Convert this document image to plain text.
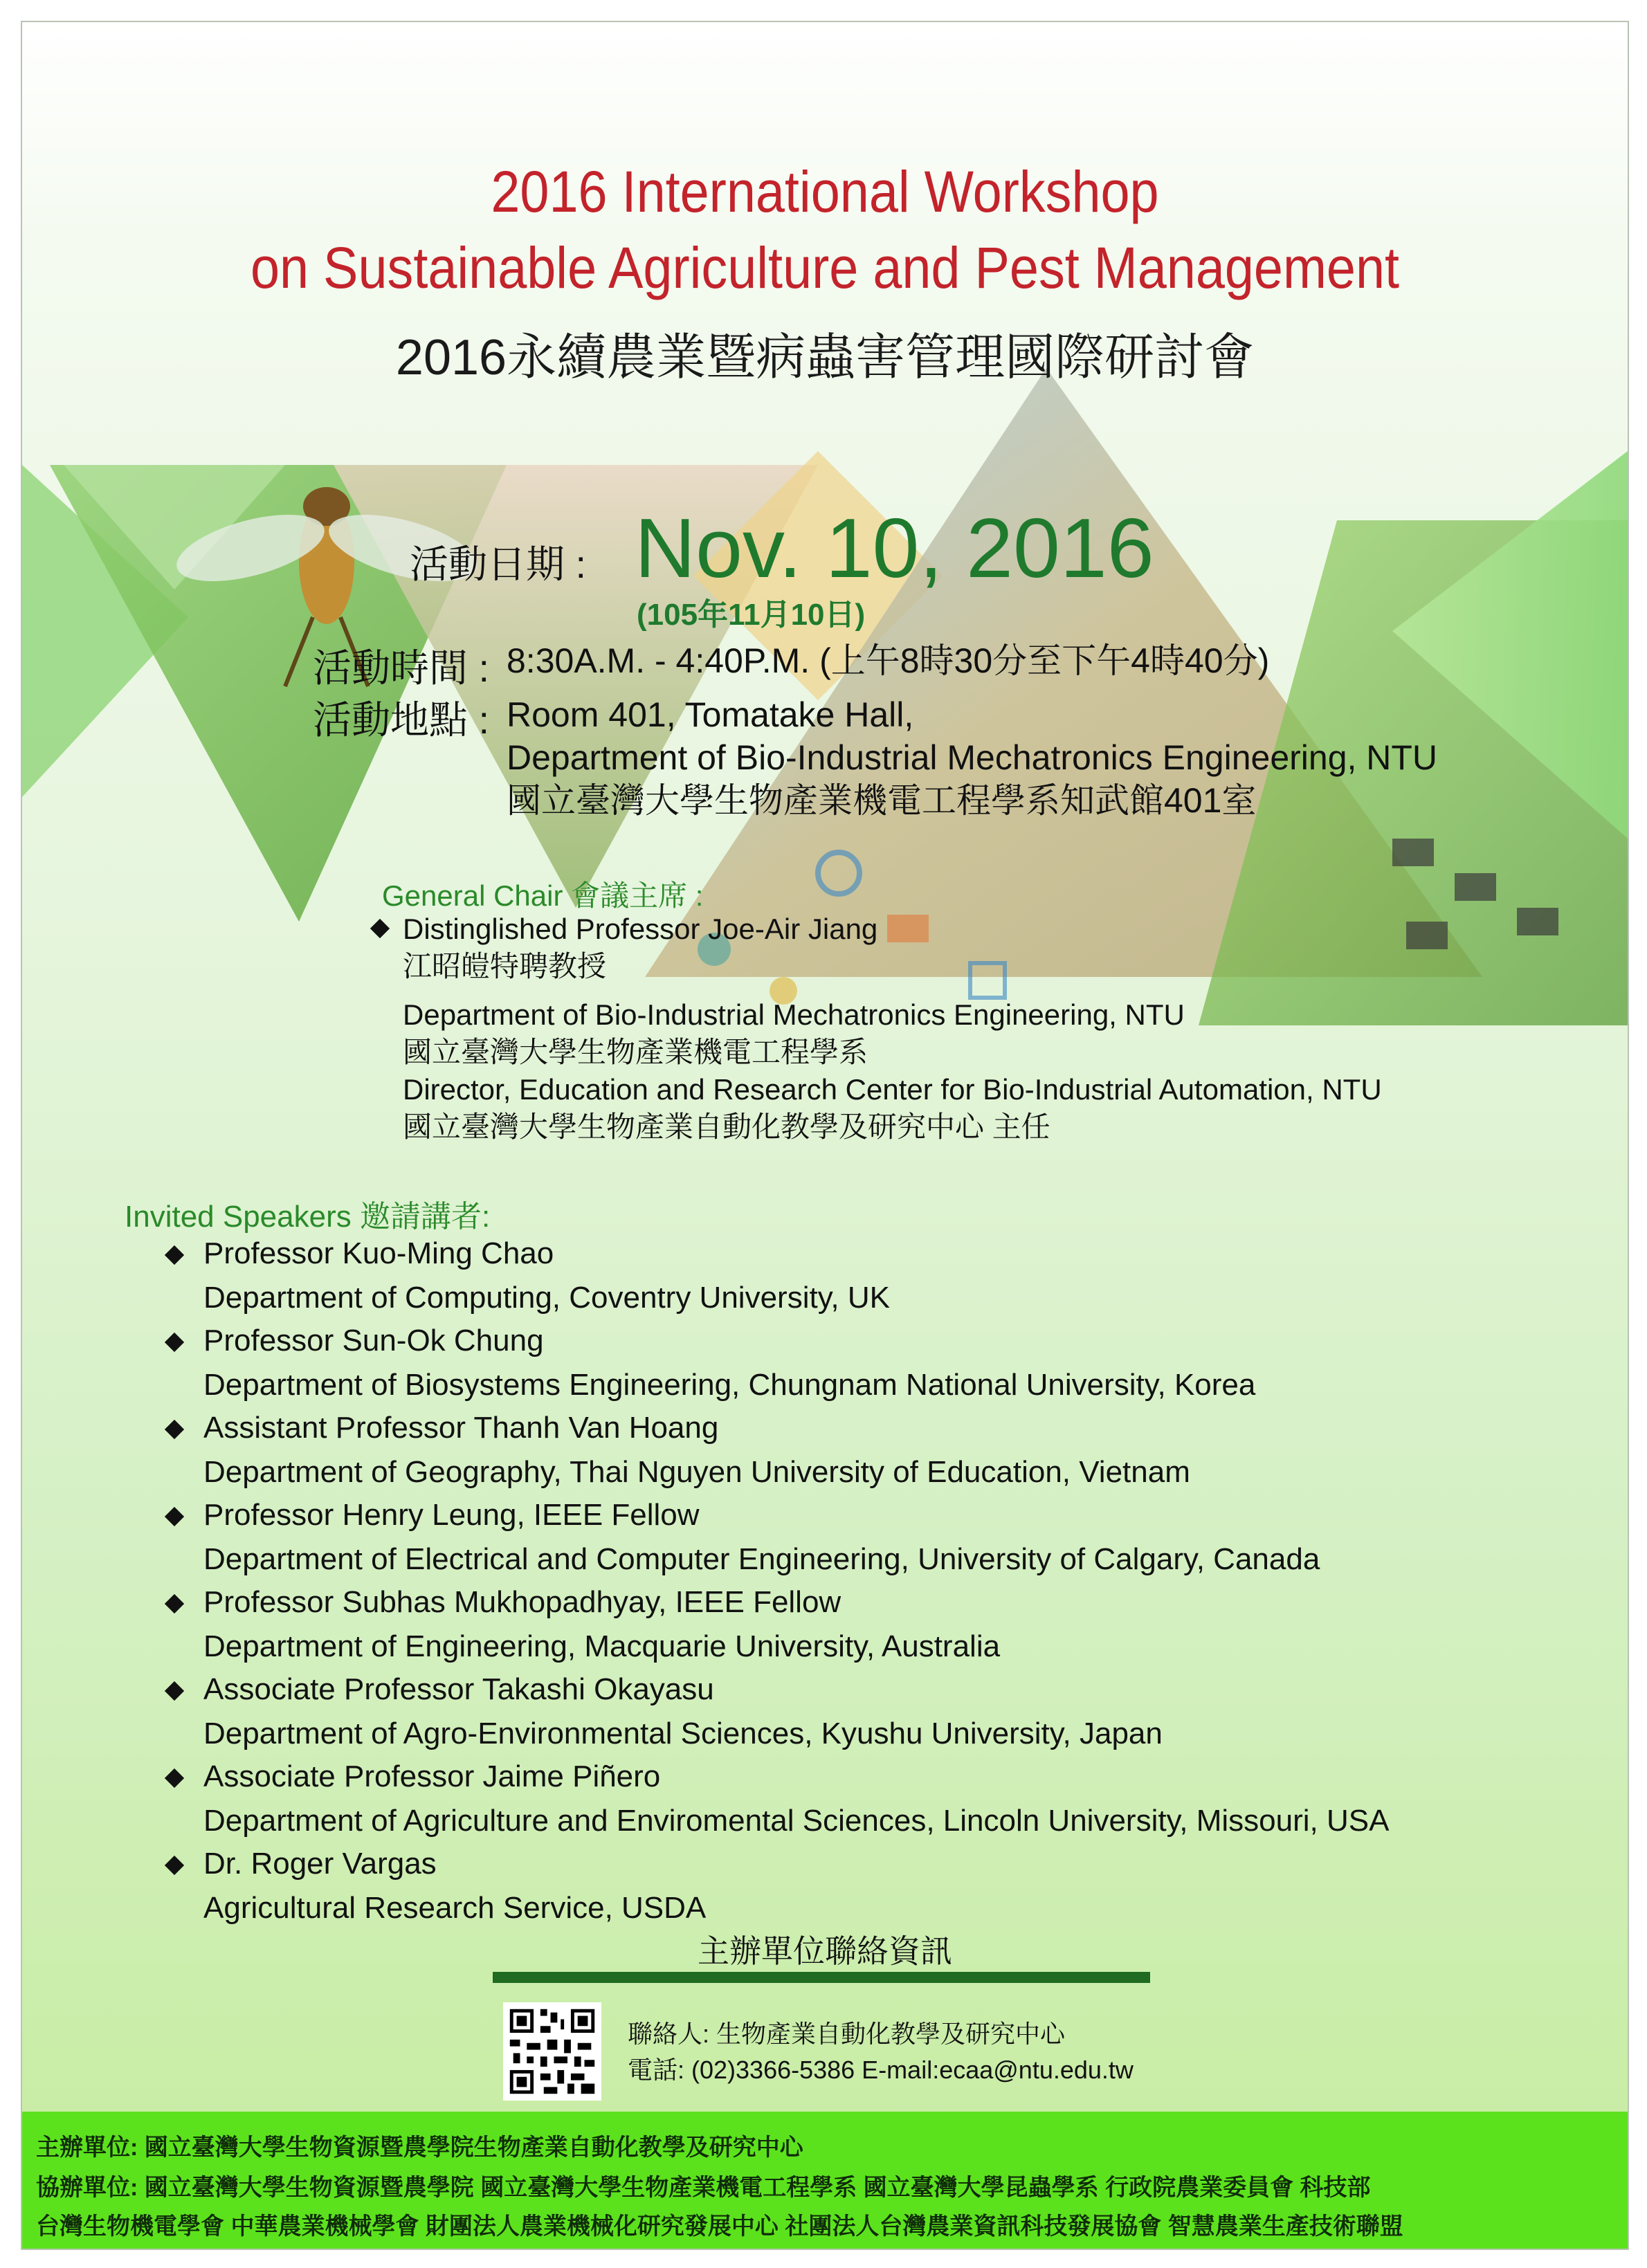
2016 International Workshop
on Sustainable Agriculture and Pest Management
2016永續農業暨病蟲害管理國際研討會
活動日期 : Nov. 10, 2016
(105年11月10日)
活動時間 : 8:30A.M. - 4:40P.M. (上午8時30分至下午4時40分)
活動地點 : Room 401, Tomatake Hall,
Department of Bio-Industrial Mechatronics Engineering, NTU
國立臺灣大學生物產業機電工程學系知武館401室
General Chair 會議主席 :
Distinglished Professor Joe-Air Jiang
江昭皚特聘教授
Department of Bio-Industrial Mechatronics Engineering, NTU
國立臺灣大學生物產業機電工程學系
Director, Education and Research Center for Bio-Industrial Automation, NTU
國立臺灣大學生物產業自動化教學及研究中心 主任
Invited Speakers 邀請講者:
Professor Kuo-Ming Chao
Department of Computing, Coventry University, UK
Professor Sun-Ok Chung
Department of Biosystems Engineering, Chungnam National University, Korea
Assistant Professor Thanh Van Hoang
Department of Geography, Thai Nguyen University of Education, Vietnam
Professor Henry Leung, IEEE Fellow
Department of Electrical and Computer Engineering, University of Calgary, Canada
Professor Subhas Mukhopadhyay, IEEE Fellow
Department of Engineering, Macquarie University, Australia
Associate Professor Takashi Okayasu
Department of Agro-Environmental Sciences, Kyushu University, Japan
Associate Professor Jaime Piñero
Department of Agriculture and Enviromental Sciences, Lincoln University, Missouri, USA
Dr. Roger Vargas
Agricultural Research Service, USDA
主辦單位聯絡資訊
聯絡人: 生物產業自動化教學及研究中心
電話: (02)3366-5386 E-mail:ecaa@ntu.edu.tw
主辦單位: 國立臺灣大學生物資源暨農學院生物產業自動化教學及研究中心
協辦單位: 國立臺灣大學生物資源暨農學院 國立臺灣大學生物產業機電工程學系 國立臺灣大學昆蟲學系 行政院農業委員會 科技部
台灣生物機電學會 中華農業機械學會 財團法人農業機械化研究發展中心 社團法人台灣農業資訊科技發展協會 智慧農業生產技術聯盟
